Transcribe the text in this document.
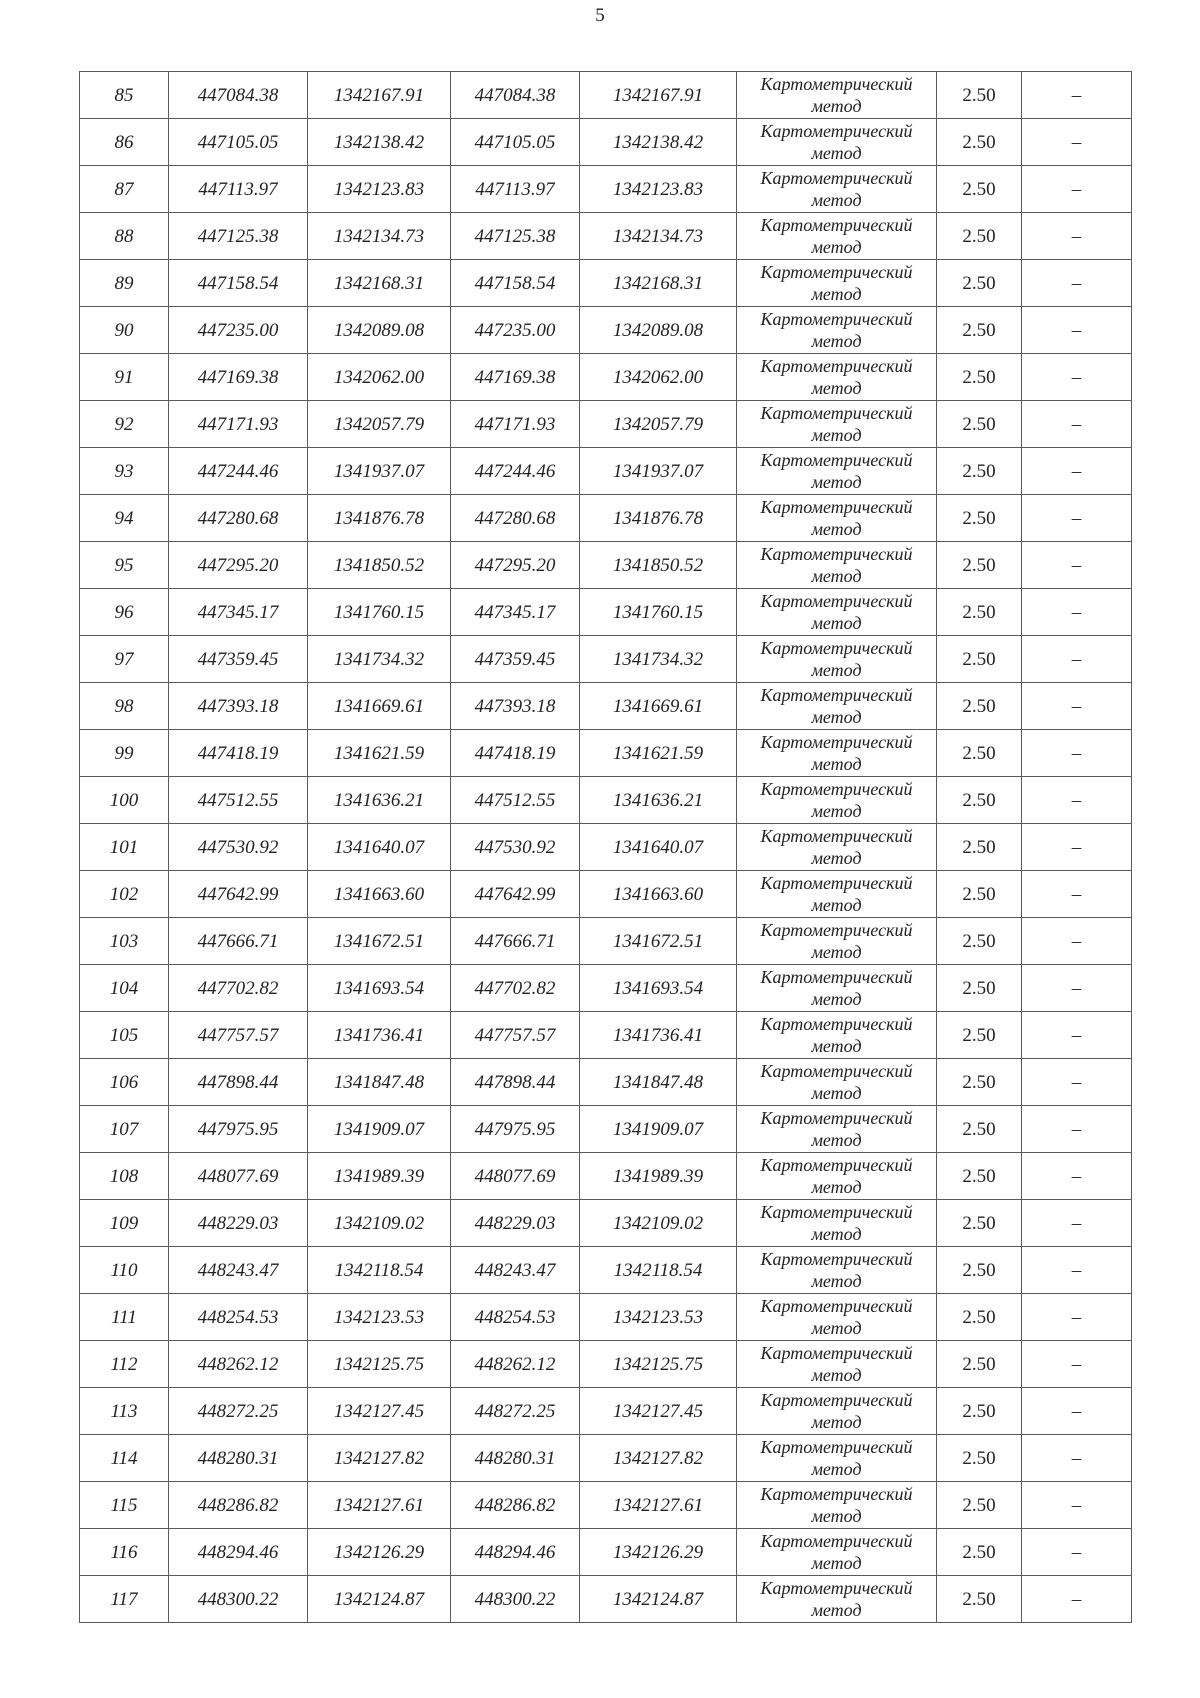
5
85	447084.38	1342167.91	447084.38	1342167.91	Картометрический
метод	2.50	–
86	447105.05	1342138.42	447105.05	1342138.42	Картометрический
метод	2.50	–
87	447113.97	1342123.83	447113.97	1342123.83	Картометрический
метод	2.50	–
88	447125.38	1342134.73	447125.38	1342134.73	Картометрический
метод	2.50	–
89	447158.54	1342168.31	447158.54	1342168.31	Картометрический
метод	2.50	–
90	447235.00	1342089.08	447235.00	1342089.08	Картометрический
метод	2.50	–
91	447169.38	1342062.00	447169.38	1342062.00	Картометрический
метод	2.50	–
92	447171.93	1342057.79	447171.93	1342057.79	Картометрический
метод	2.50	–
93	447244.46	1341937.07	447244.46	1341937.07	Картометрический
метод	2.50	–
94	447280.68	1341876.78	447280.68	1341876.78	Картометрический
метод	2.50	–
95	447295.20	1341850.52	447295.20	1341850.52	Картометрический
метод	2.50	–
96	447345.17	1341760.15	447345.17	1341760.15	Картометрический
метод	2.50	–
97	447359.45	1341734.32	447359.45	1341734.32	Картометрический
метод	2.50	–
98	447393.18	1341669.61	447393.18	1341669.61	Картометрический
метод	2.50	–
99	447418.19	1341621.59	447418.19	1341621.59	Картометрический
метод	2.50	–
100	447512.55	1341636.21	447512.55	1341636.21	Картометрический
метод	2.50	–
101	447530.92	1341640.07	447530.92	1341640.07	Картометрический
метод	2.50	–
102	447642.99	1341663.60	447642.99	1341663.60	Картометрический
метод	2.50	–
103	447666.71	1341672.51	447666.71	1341672.51	Картометрический
метод	2.50	–
104	447702.82	1341693.54	447702.82	1341693.54	Картометрический
метод	2.50	–
105	447757.57	1341736.41	447757.57	1341736.41	Картометрический
метод	2.50	–
106	447898.44	1341847.48	447898.44	1341847.48	Картометрический
метод	2.50	–
107	447975.95	1341909.07	447975.95	1341909.07	Картометрический
метод	2.50	–
108	448077.69	1341989.39	448077.69	1341989.39	Картометрический
метод	2.50	–
109	448229.03	1342109.02	448229.03	1342109.02	Картометрический
метод	2.50	–
110	448243.47	1342118.54	448243.47	1342118.54	Картометрический
метод	2.50	–
111	448254.53	1342123.53	448254.53	1342123.53	Картометрический
метод	2.50	–
112	448262.12	1342125.75	448262.12	1342125.75	Картометрический
метод	2.50	–
113	448272.25	1342127.45	448272.25	1342127.45	Картометрический
метод	2.50	–
114	448280.31	1342127.82	448280.31	1342127.82	Картометрический
метод	2.50	–
115	448286.82	1342127.61	448286.82	1342127.61	Картометрический
метод	2.50	–
116	448294.46	1342126.29	448294.46	1342126.29	Картометрический
метод	2.50	–
117	448300.22	1342124.87	448300.22	1342124.87	Картометрический
метод	2.50	–
